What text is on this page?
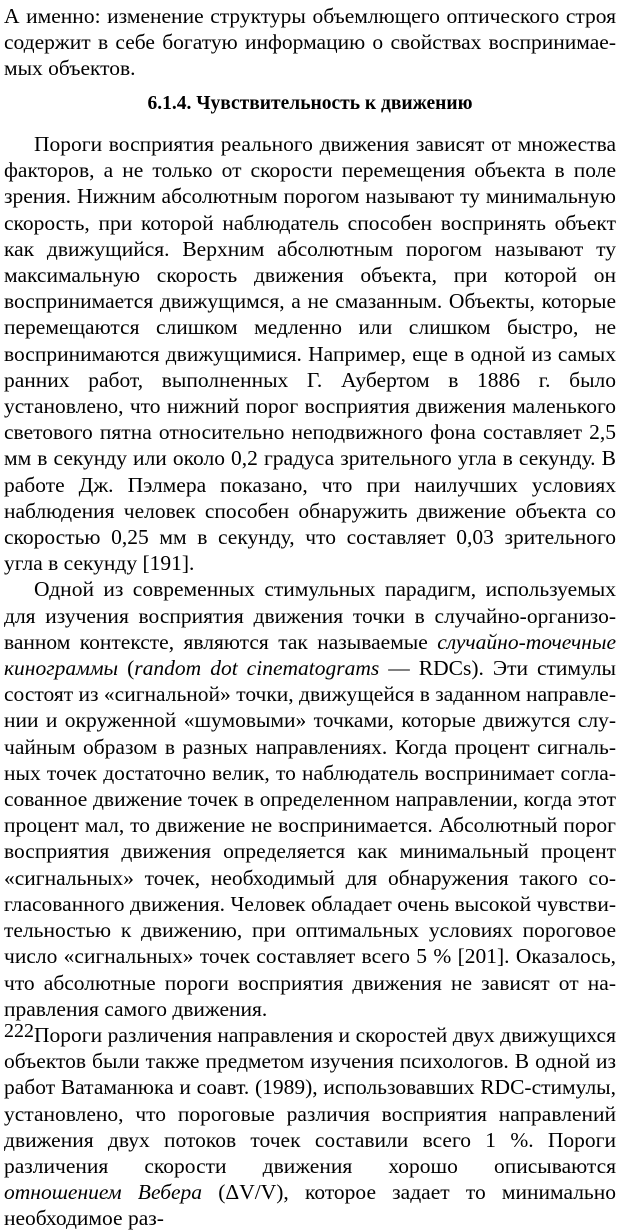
А именно: изменение структуры объемлющего оптического строя содержит в себе богатую информацию о свойствах воспринимаемых объектов.

6.1.4. Чувствительность к движению

Пороги восприятия реального движения зависят от множества факторов, а не только от скорости перемещения объекта в поле зрения. Нижним абсолютным порогом называют ту минимальную скорость, при которой наблюдатель способен воспринять объект как движущийся. Верхним абсолютным порогом называют ту максимальную скорость движения объекта, при которой он воспринимается движущимся, а не смазанным. Объекты, которые перемещаются слишком медленно или слишком быстро, не воспринимаются движущимися. Например, еще в одной из самых ранних работ, выполненных Г. Аубертом в 1886 г. было установлено, что нижний порог восприятия движения маленького светового пятна относительно неподвижного фона составляет 2,5 мм в секунду или около 0,2 градуса зрительного угла в секунду. В работе Дж. Пэлмера показано, что при наилучших условиях наблюдения человек способен обнаружить движение объекта со скоростью 0,25 мм в секунду, что составляет 0,03 зрительного угла в секунду [191].

Одной из современных стимульных парадигм, используемых для изучения восприятия движения точки в случайно-организованном контексте, являются так называемые случайно-точечные кинограммы (random dot cinematograms — RDCs). Эти стимулы состоят из «сигнальной» точки, движущейся в заданном направлении и окруженной «шумовыми» точками, которые движутся случайным образом в разных направлениях. Когда процент сигнальных точек достаточно велик, то наблюдатель воспринимает согласованное движение точек в определенном направлении, когда этот процент мал, то движение не воспринимается. Абсолютный порог восприятия движения определяется как минимальный процент «сигнальных» точек, необходимый для обнаружения такого согласованного движения. Человек обладает очень высокой чувствительностью к движению, при оптимальных условиях пороговое число «сигнальных» точек составляет всего 5 % [201]. Оказалось, что абсолютные пороги восприятия движения не зависят от направления самого движения.

Пороги различения направления и скоростей двух движущихся объектов были также предметом изучения психологов. В одной из работ Ватаманюка и соавт. (1989), использовавших RDC-стимулы, установлено, что пороговые различия восприятия направлений движения двух потоков точек составили всего 1 %. Пороги различения скорости движения хорошо описываются отношением Вебера (ΔV/V), которое задает то минимально необходимое раз-

222
